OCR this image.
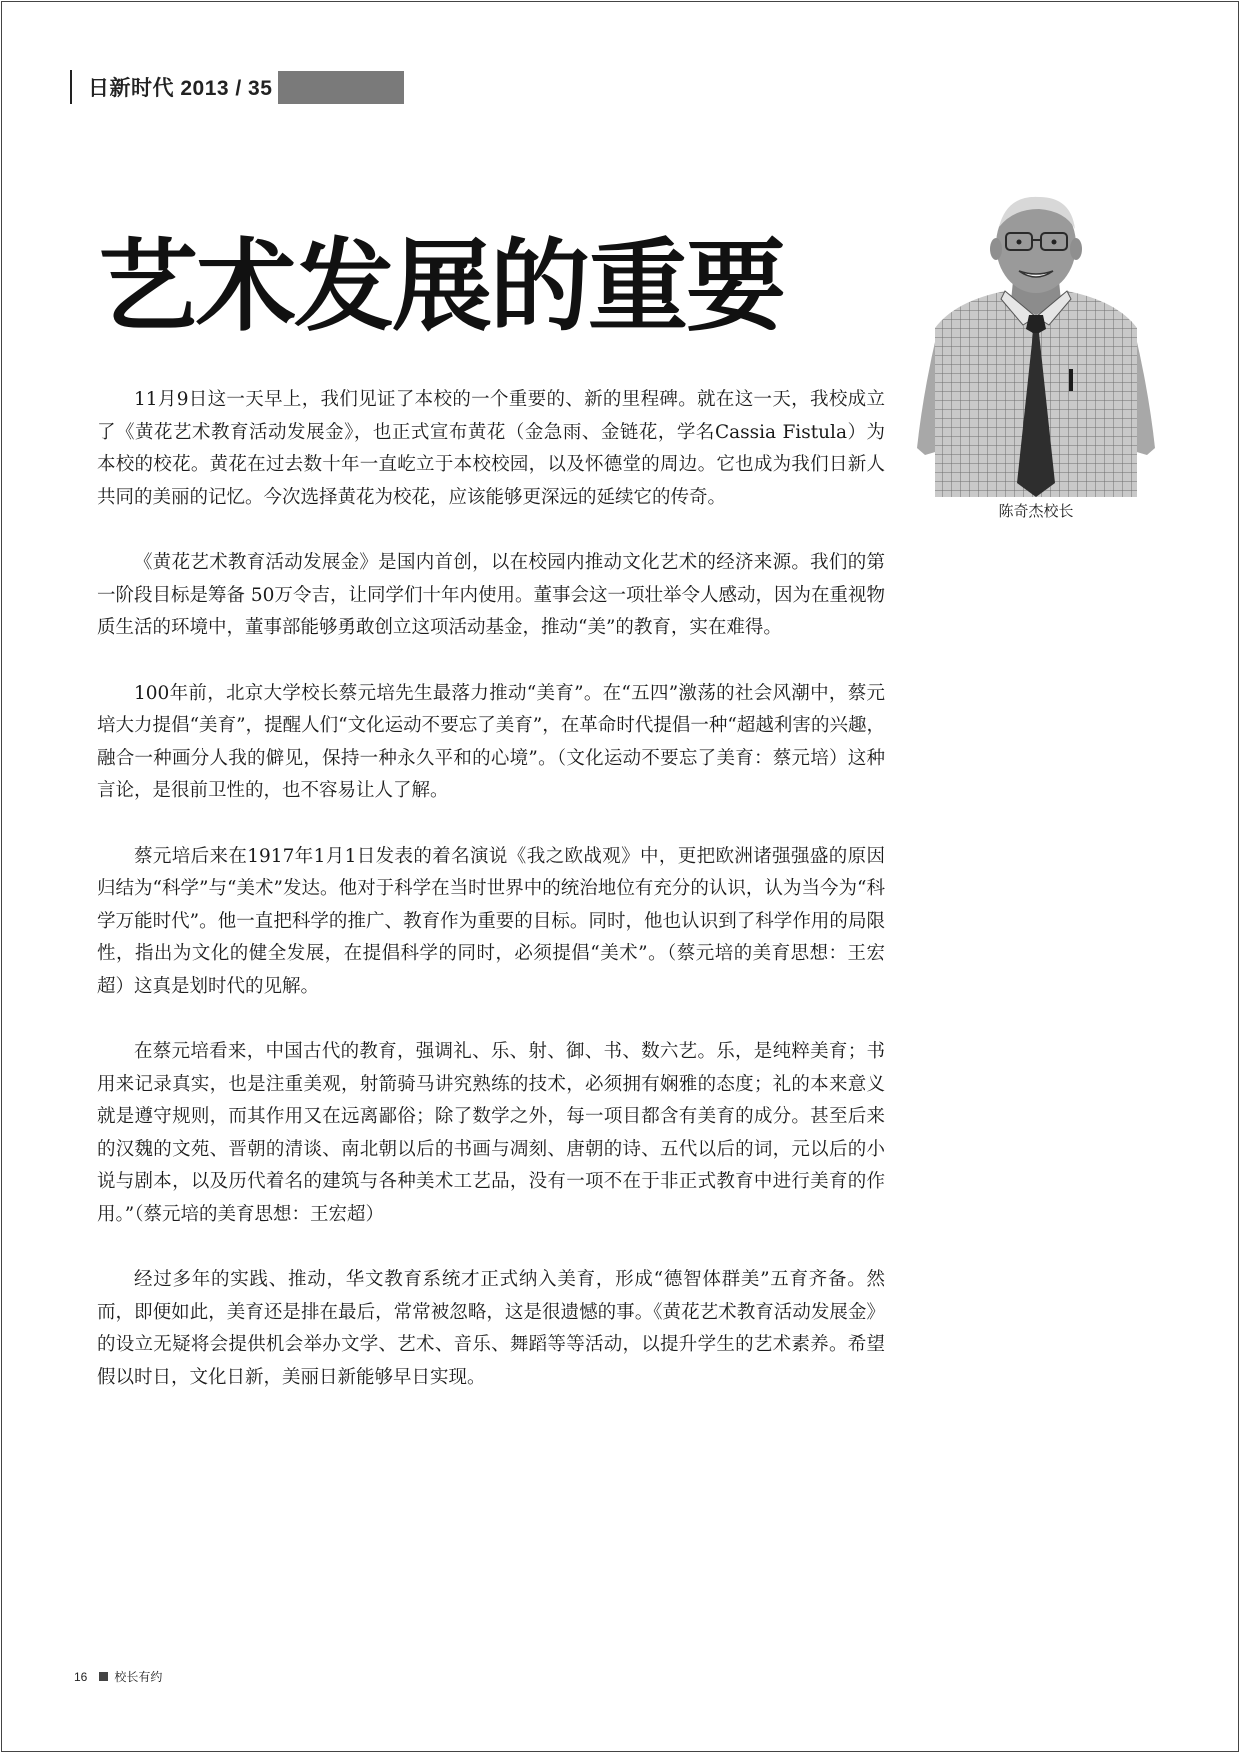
日新时代 2013 / 35
艺术发展的重要
陈奇杰校长

11月9日这一天早上，我们见证了本校的一个重要的、新的里程碑。就在这一天，我校成立了《黄花艺术教育活动发展金》，也正式宣布黄花（金急雨、金链花，学名Cassia Fistula）为本校的校花。黄花在过去数十年一直屹立于本校校园，以及怀德堂的周边。它也成为我们日新人共同的美丽的记忆。今次选择黄花为校花，应该能够更深远的延续它的传奇。

《黄花艺术教育活动发展金》是国内首创，以在校园内推动文化艺术的经济来源。我们的第一阶段目标是筹备 50万令吉，让同学们十年内使用。董事会这一项壮举令人感动，因为在重视物质生活的环境中，董事部能够勇敢创立这项活动基金，推动“美”的教育，实在难得。

100年前，北京大学校长蔡元培先生最落力推动“美育”。在“五四”激荡的社会风潮中，蔡元培大力提倡“美育”，提醒人们“文化运动不要忘了美育”，在革命时代提倡一种“超越利害的兴趣，融合一种画分人我的僻见，保持一种永久平和的心境”。（文化运动不要忘了美育：蔡元培）这种言论，是很前卫性的，也不容易让人了解。

蔡元培后来在1917年1月1日发表的着名演说《我之欧战观》中，更把欧洲诸强强盛的原因归结为“科学”与“美术”发达。他对于科学在当时世界中的统治地位有充分的认识，认为当今为“科学万能时代”。他一直把科学的推广、教育作为重要的目标。同时，他也认识到了科学作用的局限性，指出为文化的健全发展，在提倡科学的同时，必须提倡“美术”。（蔡元培的美育思想：王宏超）这真是划时代的见解。

在蔡元培看来，中国古代的教育，强调礼、乐、射、御、书、数六艺。乐，是纯粹美育；书用来记录真实，也是注重美观，射箭骑马讲究熟练的技术，必须拥有娴雅的态度；礼的本来意义就是遵守规则，而其作用又在远离鄙俗；除了数学之外，每一项目都含有美育的成分。甚至后来的汉魏的文苑、晋朝的清谈、南北朝以后的书画与凋刻、唐朝的诗、五代以后的词，元以后的小说与剧本，以及历代着名的建筑与各种美术工艺品，没有一项不在于非正式教育中进行美育的作用。”（蔡元培的美育思想：王宏超）

经过多年的实践、推动，华文教育系统才正式纳入美育，形成“德智体群美”五育齐备。然而，即便如此，美育还是排在最后，常常被忽略，这是很遗憾的事。《黄花艺术教育活动发展金》的设立无疑将会提供机会举办文学、艺术、音乐、舞蹈等等活动，以提升学生的艺术素养。希望假以时日，文化日新，美丽日新能够早日实现。

16 校长有约
